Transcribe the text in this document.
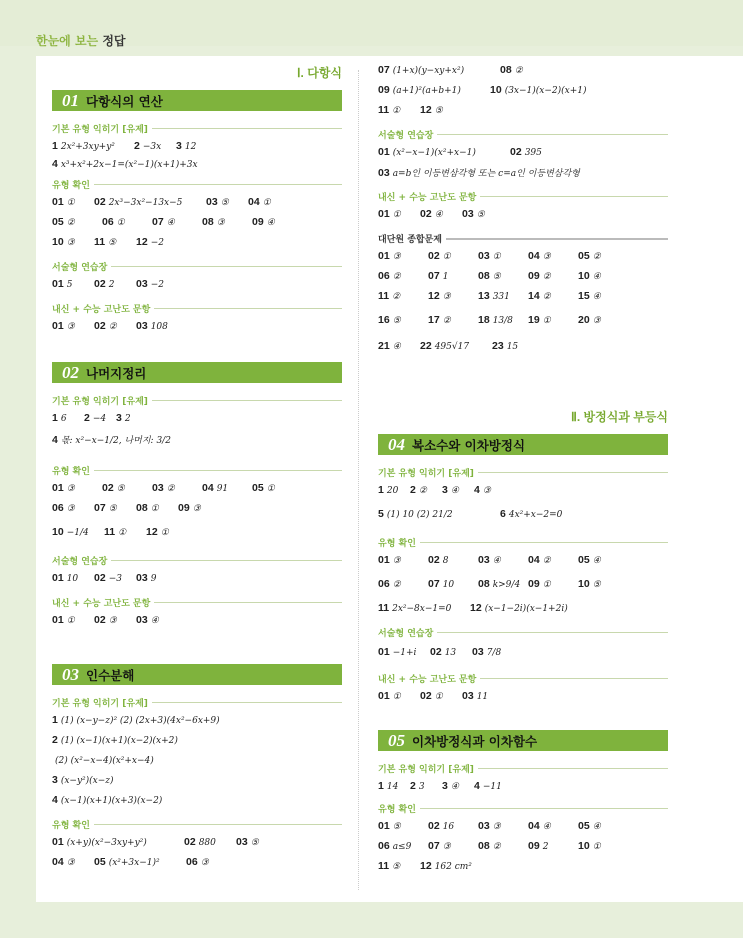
한눈에 보는 정답
Ⅰ. 다항식
01 다항식의 연산
기본 유형 익히기 [유제]
1 2x²+3xy+y² 2 −3x 3 12
4 x³+x²+2x−1=(x²−1)(x+1)+3x
유형 확인
01 ① 02 2x³−3x²−13x−5 03 ⑤ 04 ①
05 ②	06 ①	07 ④	08 ③	09 ④
10 ③ 11 ⑤ 12 −2
서술형 연습장
01 5 02 2 03 −2
내신 + 수능 고난도 문항
01 ③ 02 ② 03 108
02 나머지정리
기본 유형 익히기 [유제]
1 6 2 −4 3 2
4 몫: x²−x−1/2, 나머지: 3/2
유형 확인
01 ③	02 ⑤	03 ②	04 91 05 ①
06 ③ 07 ⑤ 08 ① 09 ③
10 −1/4 11 ① 12 ①
서술형 연습장
01 10 02 −3 03 9
내신 + 수능 고난도 문항
01 ① 02 ③ 03 ④
03 인수분해
기본 유형 익히기 [유제]
1 (1) (x−y−z)² (2) (2x+3)(4x²−6x+9)
2 (1) (x−1)(x+1)(x−2)(x+2)
(2) (x²−x−4)(x²+x−4)
3 (x−y²)(x−z)
4 (x−1)(x+1)(x+3)(x−2)
유형 확인
01 (x+y)(x²−3xy+y²)	02 880 03 ⑤
04 ③ 05 (x²+3x−1)²	06 ③
07 (1+x)(y−xy+x²)	08 ②
09 (a+1)²(a+b+1)	10 (3x−1)(x−2)(x+1)
11 ① 12 ⑤
서술형 연습장
01 (x²−x−1)(x²+x−1)	02 395
03 a=b인 이등변삼각형 또는 c=a인 이등변삼각형
내신 + 수능 고난도 문항
01 ① 02 ④ 03 ⑤
대단원 종합문제
01 ③	02 ①	03 ①	04 ③	05 ②
06 ②	07 1	08 ⑤	09 ②	10 ④
11 ②	12 ③	13 331 14 ②	15 ④
16 ⑤	17 ②	18 13/8 19 ①	20 ③
21 ④ 22 495√17 23 15
Ⅱ. 방정식과 부등식
04 복소수와 이차방정식
기본 유형 익히기 [유제]
1 20 2 ② 3 ④ 4 ③
5 (1) 10 (2) 21/2	6 4x²+x−2=0
유형 확인
01 ③	02 8	03 ④	04 ②	05 ④
06 ②	07 10 08 k>9/4 09 ①	10 ⑤
11 2x²−8x−1=0 12 (x−1−2i)(x−1+2i)
서술형 연습장
01 −1+i 02 13 03 7/8
내신 + 수능 고난도 문항
01 ① 02 ① 03 11
05 이차방정식과 이차함수
기본 유형 익히기 [유제]
1 14 2 3 3 ④ 4 −11
유형 확인
01 ⑤	02 16 03 ③	04 ④	05 ④
06 a≤9 07 ③	08 ②	09 2	10 ①
11 ⑤ 12 162 cm²
